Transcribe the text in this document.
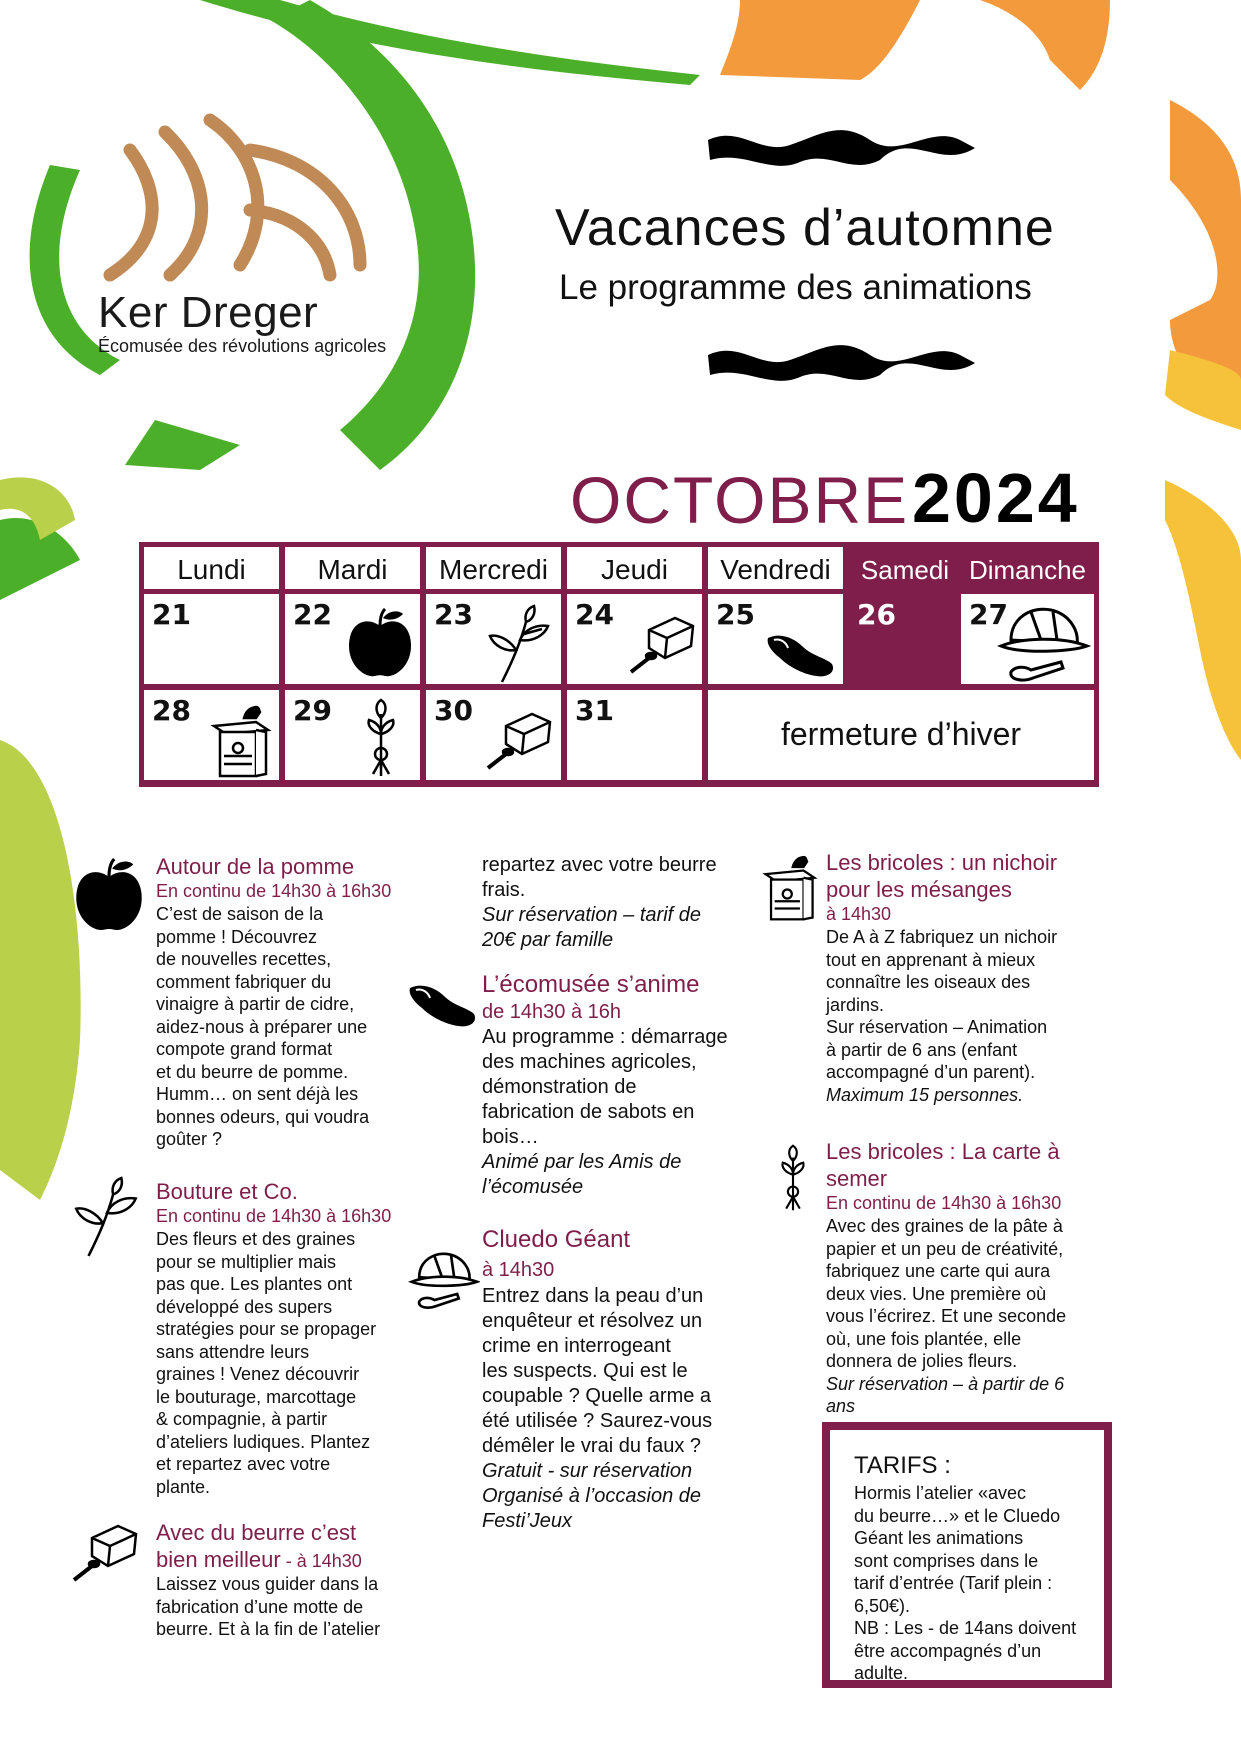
Ker Dreger
Écomusée des révolutions agricoles
Vacances d’automne
Le programme des animations
OCTOBRE 2024
Lundi	Mardi	Mercredi	Jeudi	Vendredi	Samedi Dimanche
21	22	23	24	25	26	27
28	29	30	31
fermeture d’hiver
Autour de la pomme
En continu de 14h30 à 16h30
C’est de saison de la
pomme ! Découvrez
de nouvelles recettes,
comment fabriquer du
vinaigre à partir de cidre,
aidez-nous à préparer une
compote grand format
et du beurre de pomme.
Humm… on sent déjà les
bonnes odeurs, qui voudra
goûter ?
Bouture et Co.
En continu de 14h30 à 16h30
Des fleurs et des graines
pour se multiplier mais
pas que. Les plantes ont
développé des supers
stratégies pour se propager
sans attendre leurs
graines ! Venez découvrir
le bouturage, marcottage
& compagnie, à partir
d’ateliers ludiques. Plantez
et repartez avec votre
plante.
Avec du beurre c’est
bien meilleur - à 14h30
Laissez vous guider dans la
fabrication d’une motte de
beurre. Et à la fin de l’atelier
repartez avec votre beurre
frais.
Sur réservation – tarif de
20€ par famille
L’écomusée s’anime
de 14h30 à 16h
Au programme : démarrage
des machines agricoles,
démonstration de
fabrication de sabots en
bois…
Animé par les Amis de
l’écomusée
Cluedo Géant
à 14h30
Entrez dans la peau d’un
enquêteur et résolvez un
crime en interrogeant
les suspects. Qui est le
coupable ? Quelle arme a
été utilisée ? Saurez-vous
démêler le vrai du faux ?
Gratuit - sur réservation
Organisé à l’occasion de
Festi’Jeux
Les bricoles : un nichoir
pour les mésanges
à 14h30
De A à Z fabriquez un nichoir
tout en apprenant à mieux
connaître les oiseaux des
jardins.
Sur réservation – Animation
à partir de 6 ans (enfant
accompagné d’un parent).
Maximum 15 personnes.
Les bricoles : La carte à
semer
En continu de 14h30 à 16h30
Avec des graines de la pâte à
papier et un peu de créativité,
fabriquez une carte qui aura
deux vies. Une première où
vous l’écrirez. Et une seconde
où, une fois plantée, elle
donnera de jolies fleurs.
Sur réservation – à partir de 6
ans
TARIFS :
Hormis l’atelier «avec
du beurre…» et le Cluedo
Géant les animations
sont comprises dans le
tarif d’entrée (Tarif plein :
6,50€).
NB : Les - de 14ans doivent
être accompagnés d’un
adulte.
